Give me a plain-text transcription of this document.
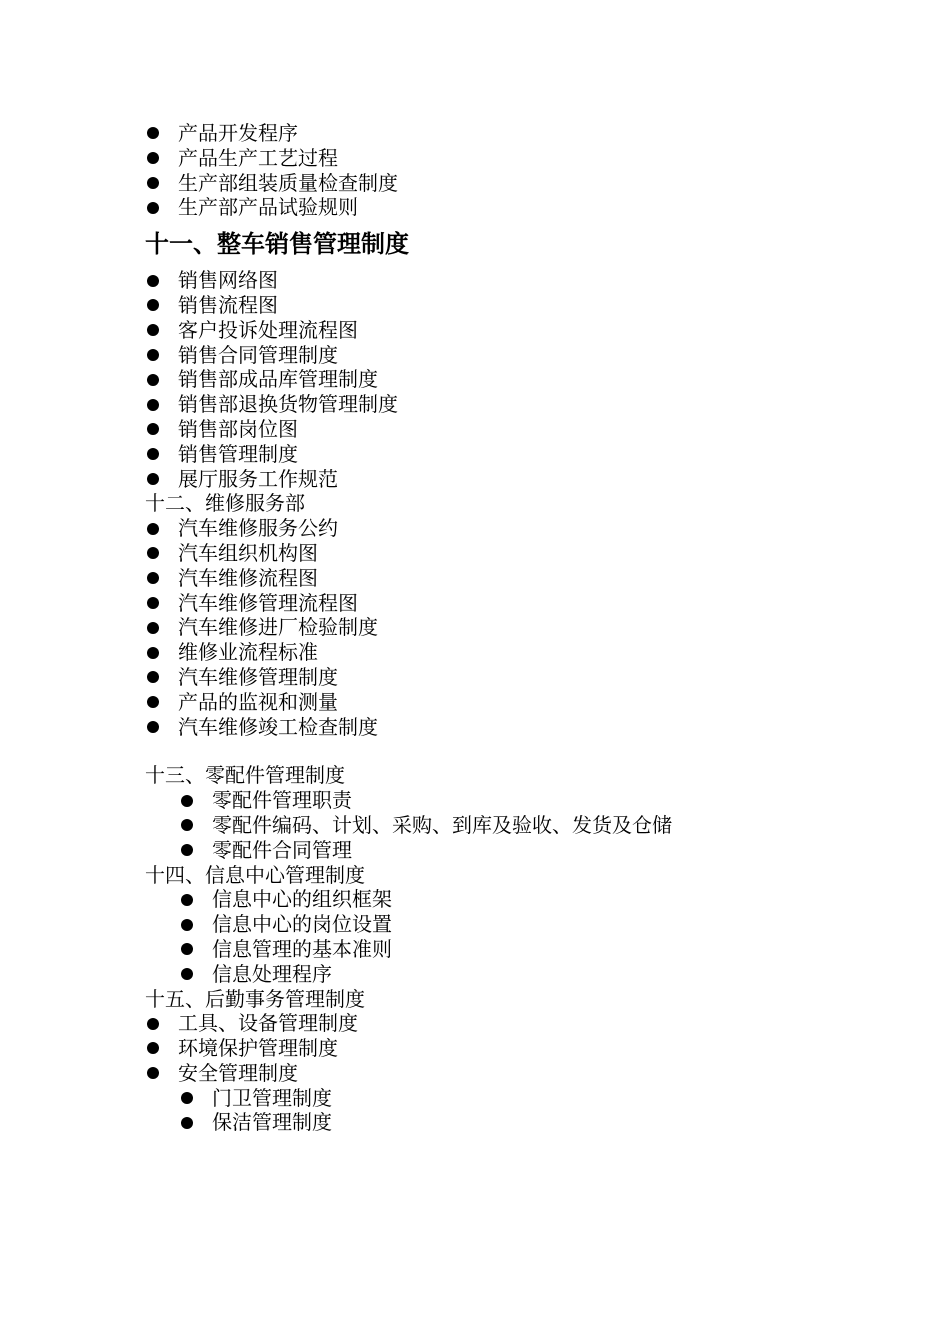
产品开发程序
产品生产工艺过程
生产部组装质量检查制度
生产部产品试验规则
十一、整车销售管理制度
销售网络图
销售流程图
客户投诉处理流程图
销售合同管理制度
销售部成品库管理制度
销售部退换货物管理制度
销售部岗位图
销售管理制度
展厅服务工作规范
十二、维修服务部
汽车维修服务公约
汽车组织机构图
汽车维修流程图
汽车维修管理流程图
汽车维修进厂检验制度
维修业流程标准
汽车维修管理制度
产品的监视和测量
汽车维修竣工检查制度
十三、零配件管理制度
零配件管理职责
零配件编码、计划、采购、到库及验收、发货及仓储
零配件合同管理
十四、信息中心管理制度
信息中心的组织框架
信息中心的岗位设置
信息管理的基本准则
信息处理程序
十五、后勤事务管理制度
工具、设备管理制度
环境保护管理制度
安全管理制度
门卫管理制度
保洁管理制度
